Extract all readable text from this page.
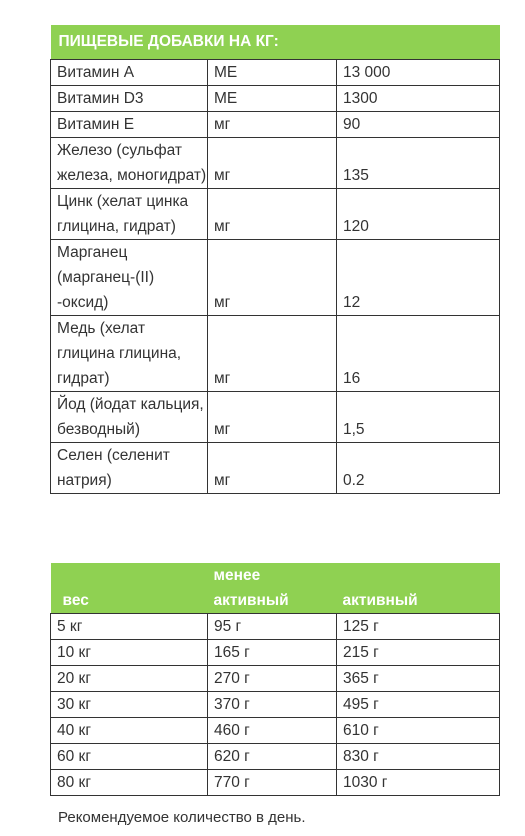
ПИЩЕВЫЕ ДОБАВКИ НА КГ:		
Витамин A	МЕ	13 000
Витамин D3	МЕ	1300
Витамин E	мг	90
Железо (сульфат железа, моногидрат)	мг	135
Цинк (хелат цинка глицина, гидрат)	мг	120
Марганец (марганец-(II) -оксид)	мг	12
Медь (хелат глицина глицина, гидрат)	мг	16
Йод (йодат кальция, безводный)	мг	1,5
Селен (селенит натрия)	мг	0.2
вес	менее активный	активный
5 кг	95 г	125 г
10 кг	165 г	215 г
20 кг	270 г	365 г
30 кг	370 г	495 г
40 кг	460 г	610 г
60 кг	620 г	830 г
80 кг	770 г	1030 г
Рекомендуемое количество в день.
